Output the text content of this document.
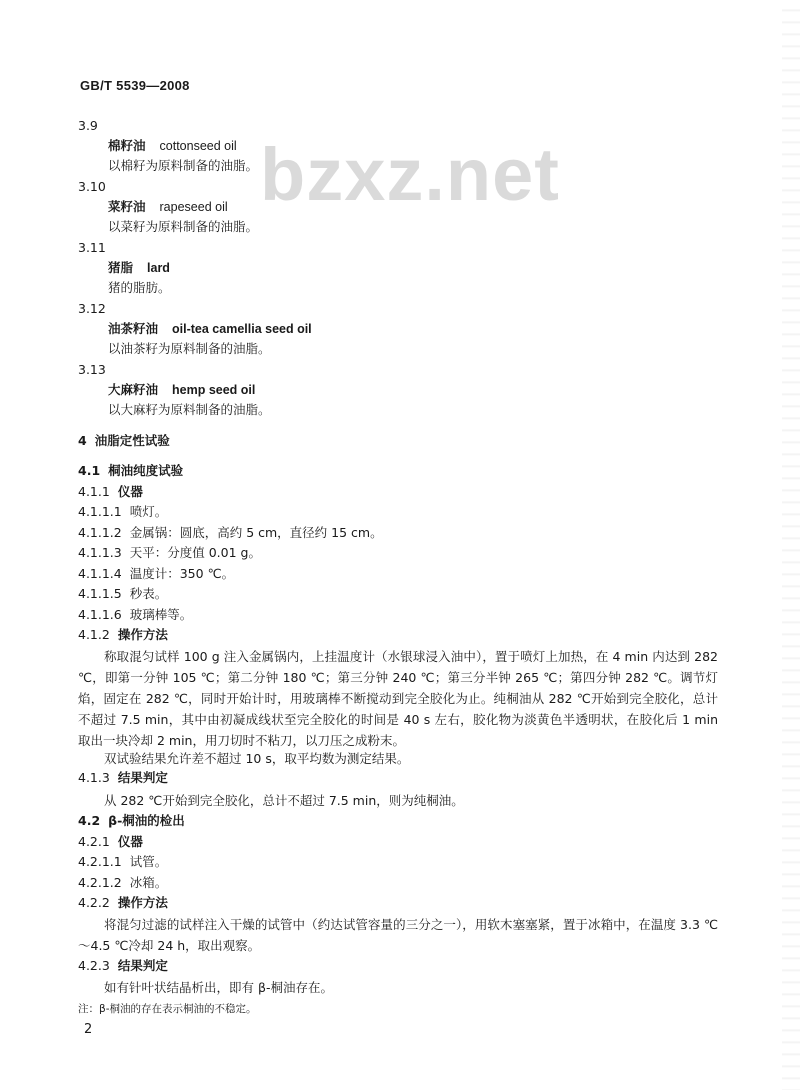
GB/T 5539—2008
bzxz.net
3.9
棉籽油 cottonseed oil
以棉籽为原料制备的油脂。
3.10
菜籽油 rapeseed oil
以菜籽为原料制备的油脂。
3.11
猪脂 lard
猪的脂肪。
3.12
油茶籽油 oil-tea camellia seed oil
以油茶籽为原料制备的油脂。
3.13
大麻籽油 hemp seed oil
以大麻籽为原料制备的油脂。
4 油脂定性试验
4.1 桐油纯度试验
4.1.1 仪器
4.1.1.1 喷灯。
4.1.1.2 金属锅：圆底，高约 5 cm，直径约 15 cm。
4.1.1.3 天平：分度值 0.01 g。
4.1.1.4 温度计：350 ℃。
4.1.1.5 秒表。
4.1.1.6 玻璃棒等。
4.1.2 操作方法
称取混匀试样 100 g 注入金属锅内，上挂温度计（水银球浸入油中），置于喷灯上加热，在 4 min 内达到 282 ℃，即第一分钟 105 ℃；第二分钟 180 ℃；第三分钟 240 ℃；第三分半钟 265 ℃；第四分钟 282 ℃。调节灯焰，固定在 282 ℃，同时开始计时，用玻璃棒不断搅动到完全胶化为止。纯桐油从 282 ℃开始到完全胶化，总计不超过 7.5 min，其中由初凝成线状至完全胶化的时间是 40 s 左右，胶化物为淡黄色半透明状，在胶化后 1 min 取出一块冷却 2 min，用刀切时不粘刀，以刀压之成粉末。
双试验结果允许差不超过 10 s，取平均数为测定结果。
4.1.3 结果判定
从 282 ℃开始到完全胶化，总计不超过 7.5 min，则为纯桐油。
4.2 β-桐油的检出
4.2.1 仪器
4.2.1.1 试管。
4.2.1.2 冰箱。
4.2.2 操作方法
将混匀过滤的试样注入干燥的试管中（约达试管容量的三分之一），用软木塞塞紧，置于冰箱中，在温度 3.3 ℃～4.5 ℃冷却 24 h，取出观察。
4.2.3 结果判定
如有针叶状结晶析出，即有 β-桐油存在。
注：β-桐油的存在表示桐油的不稳定。
2
